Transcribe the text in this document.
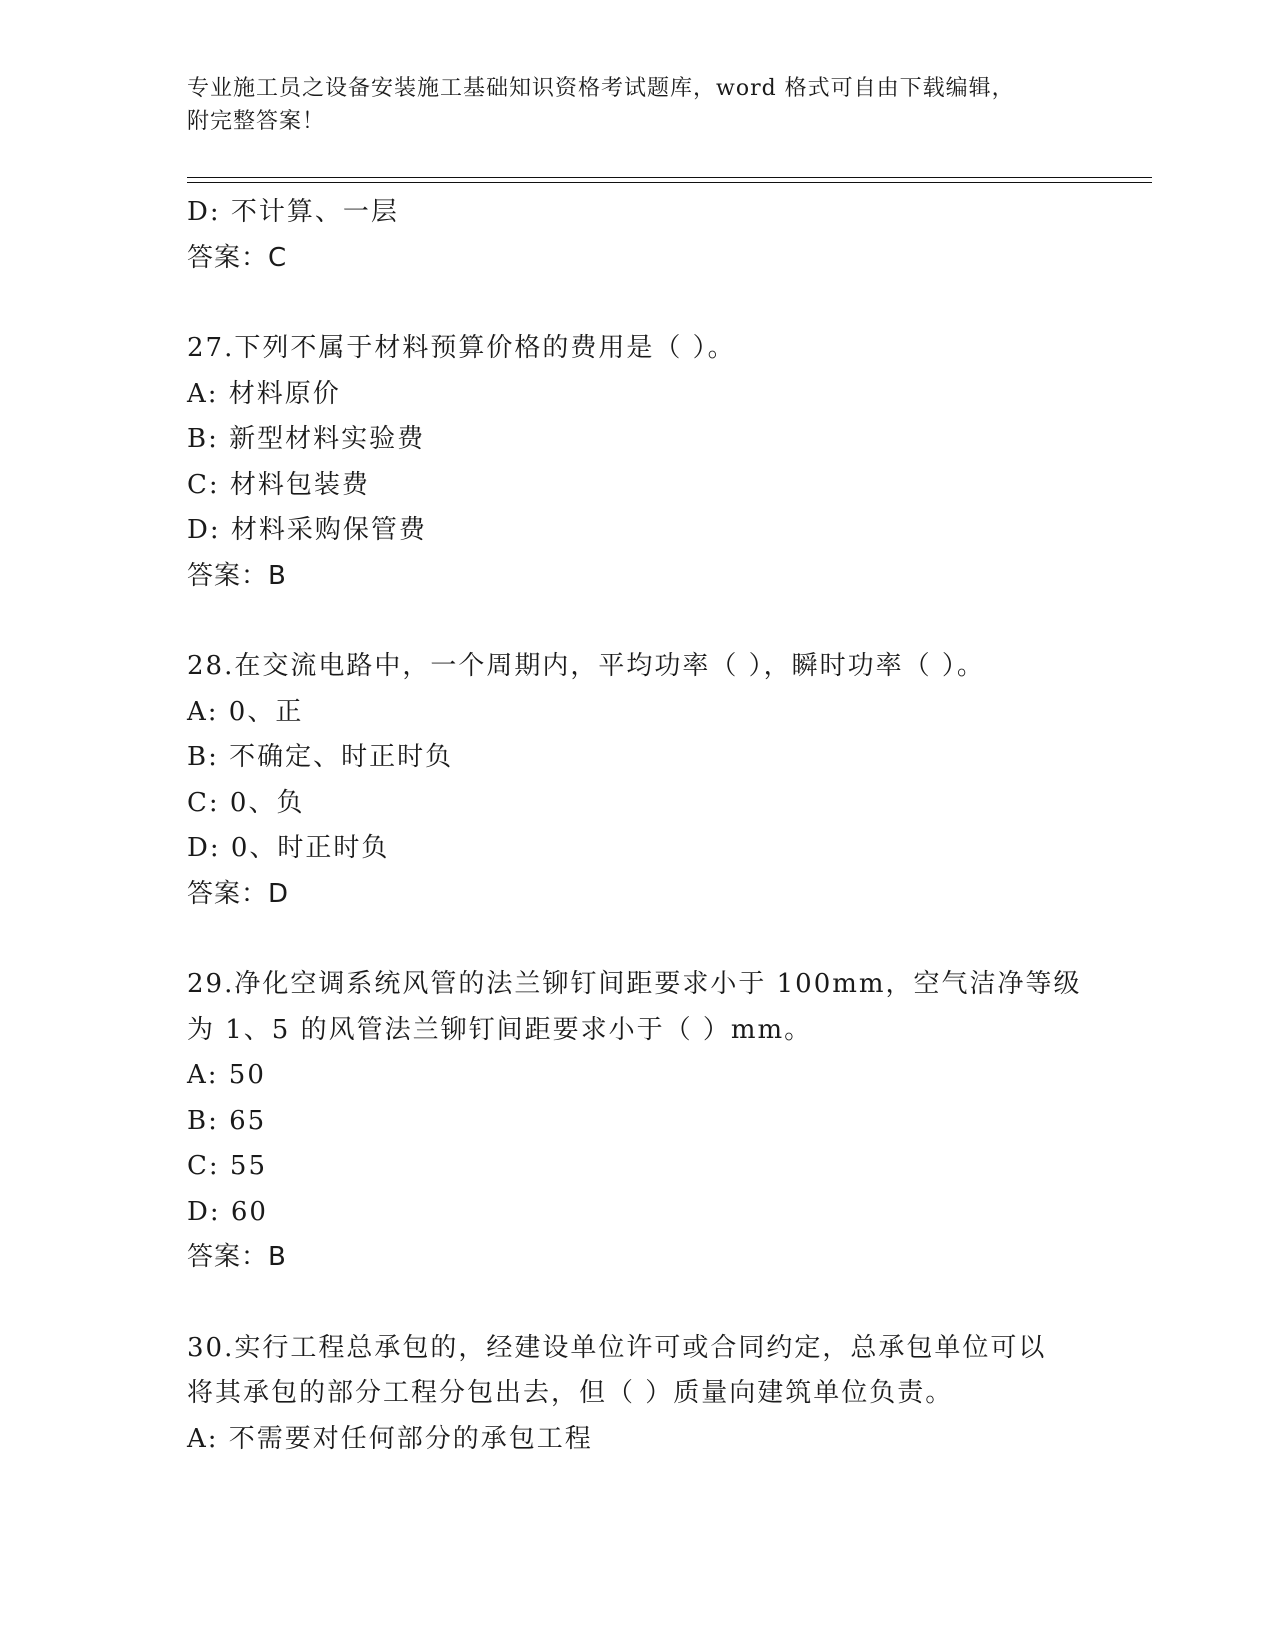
专业施工员之设备安装施工基础知识资格考试题库，word 格式可自由下载编辑，
附完整答案！
D: 不计算、一层
答案：C
27.下列不属于材料预算价格的费用是（ ）。
A: 材料原价
B: 新型材料实验费
C: 材料包装费
D: 材料采购保管费
答案：B
28.在交流电路中，一个周期内，平均功率（ ），瞬时功率（ ）。
A: 0、正
B: 不确定、时正时负
C: 0、负
D: 0、时正时负
答案：D
29.净化空调系统风管的法兰铆钉间距要求小于 100mm，空气洁净等级
为 1、5 的风管法兰铆钉间距要求小于（ ）mm。
A: 50
B: 65
C: 55
D: 60
答案：B
30.实行工程总承包的，经建设单位许可或合同约定，总承包单位可以
将其承包的部分工程分包出去，但（ ）质量向建筑单位负责。
A: 不需要对任何部分的承包工程
